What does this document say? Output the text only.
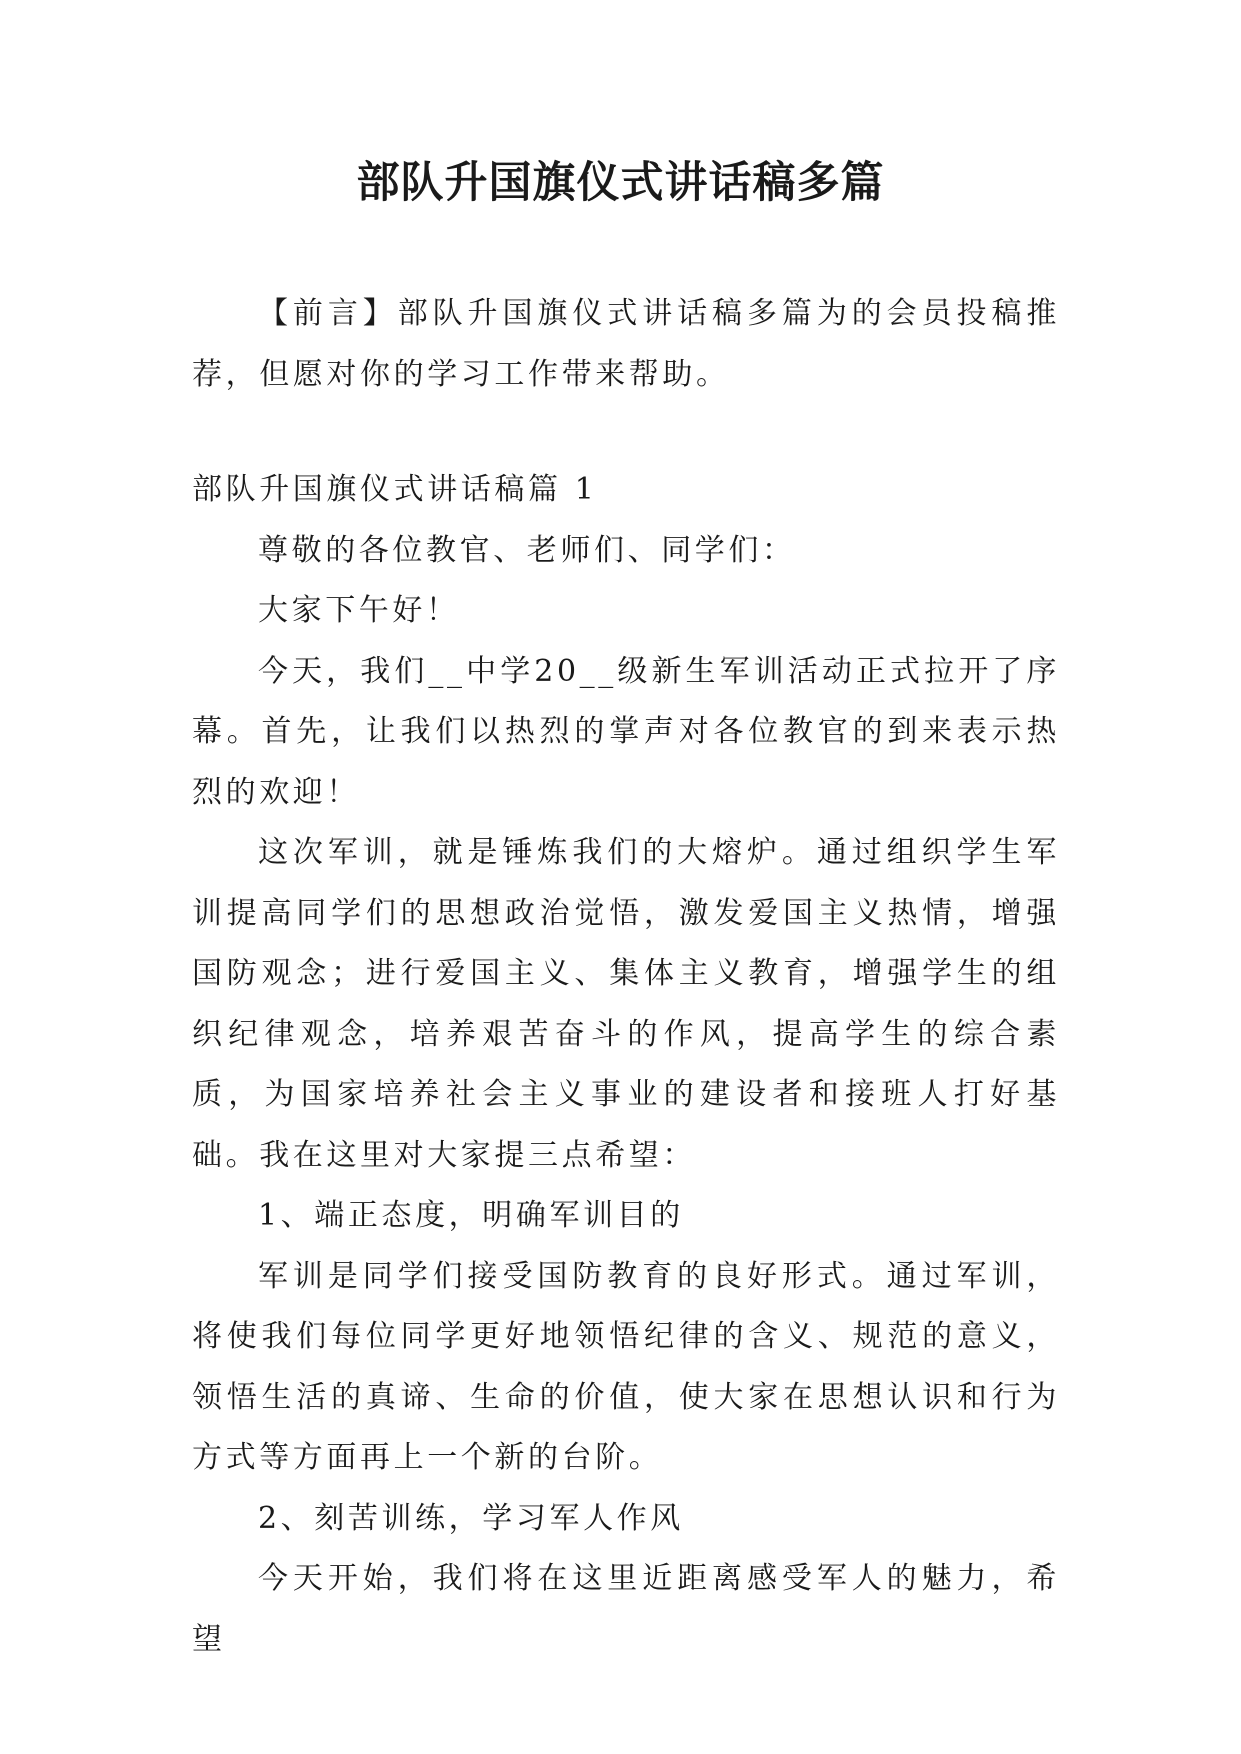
部队升国旗仪式讲话稿多篇

【前言】部队升国旗仪式讲话稿多篇为的会员投稿推荐，但愿对你的学习工作带来帮助。

部队升国旗仪式讲话稿篇 1

尊敬的各位教官、老师们、同学们：

大家下午好！

今天，我们__中学20__级新生军训活动正式拉开了序幕。首先，让我们以热烈的掌声对各位教官的到来表示热烈的欢迎！

这次军训，就是锤炼我们的大熔炉。通过组织学生军训提高同学们的思想政治觉悟，激发爱国主义热情，增强国防观念；进行爱国主义、集体主义教育，增强学生的组织纪律观念，培养艰苦奋斗的作风，提高学生的综合素质，为国家培养社会主义事业的建设者和接班人打好基础。我在这里对大家提三点希望：

1、端正态度，明确军训目的

军训是同学们接受国防教育的良好形式。通过军训，将使我们每位同学更好地领悟纪律的含义、规范的意义，领悟生活的真谛、生命的价值，使大家在思想认识和行为方式等方面再上一个新的台阶。

2、刻苦训练，学习军人作风

今天开始，我们将在这里近距离感受军人的魅力，希望
